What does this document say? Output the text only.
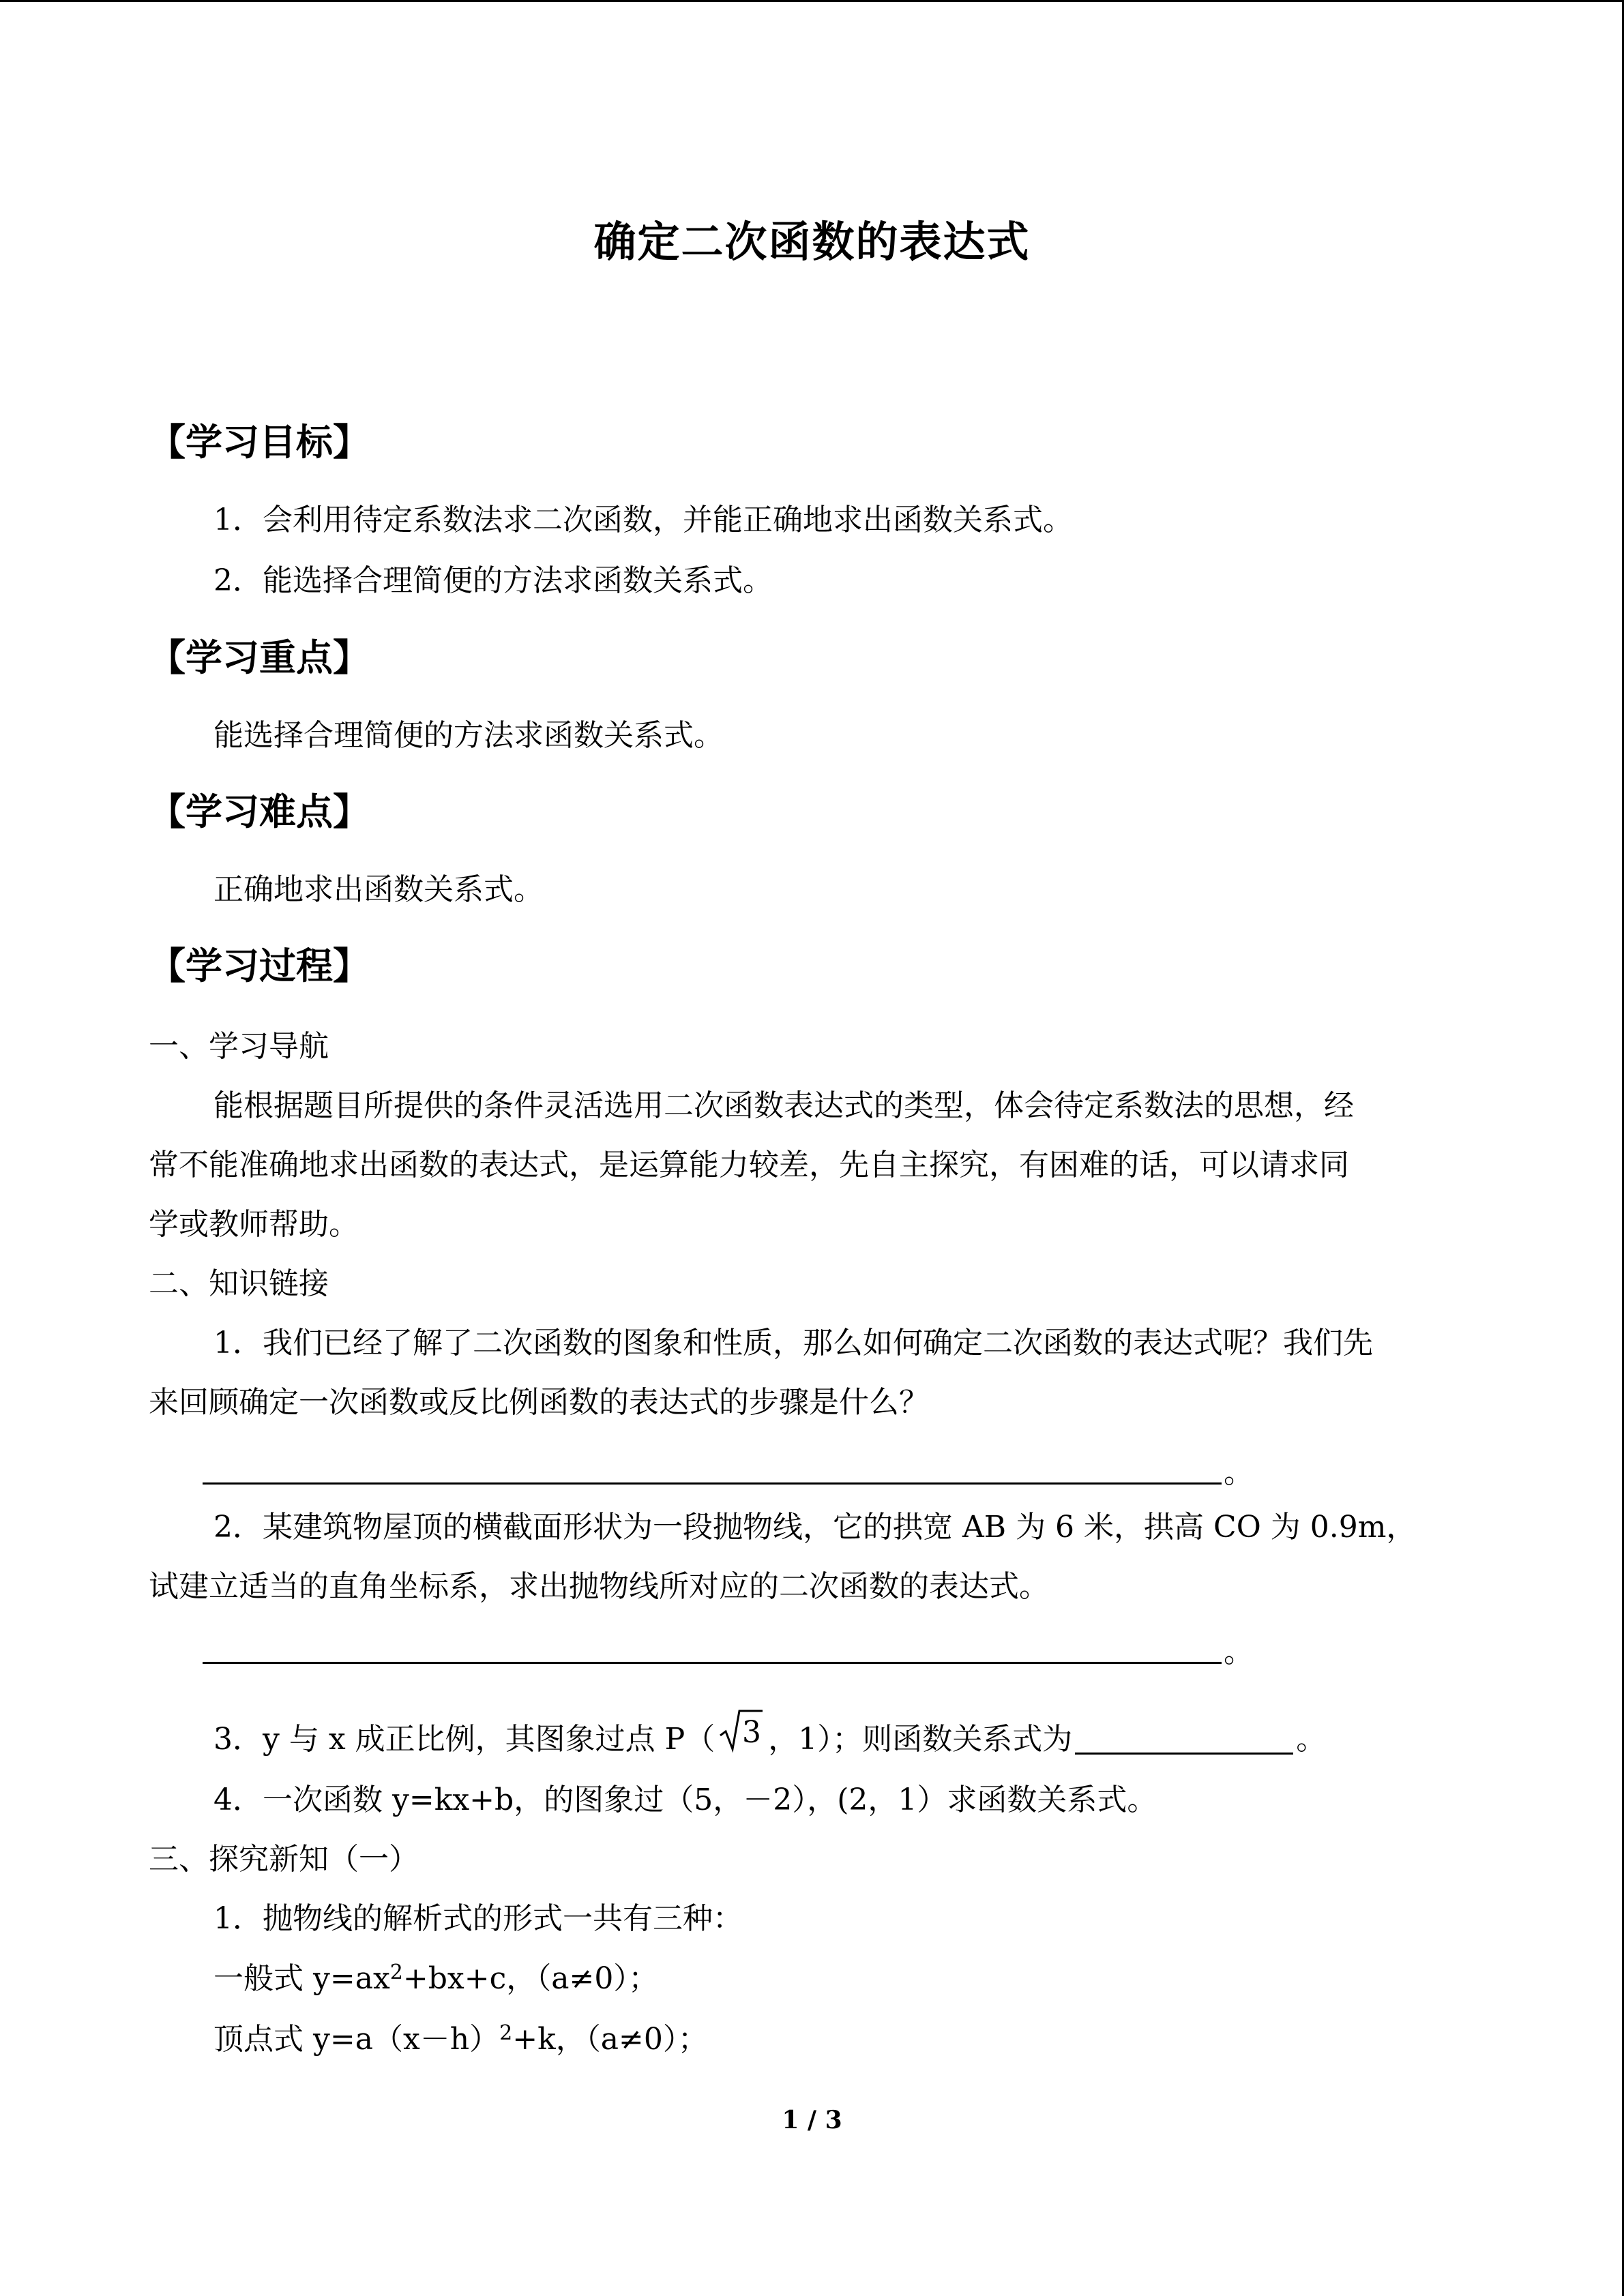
确定二次函数的表达式
【学习目标】
1．会利用待定系数法求二次函数，并能正确地求出函数关系式。
2．能选择合理简便的方法求函数关系式。
【学习重点】
能选择合理简便的方法求函数关系式。
【学习难点】
正确地求出函数关系式。
【学习过程】
一、学习导航
能根据题目所提供的条件灵活选用二次函数表达式的类型，体会待定系数法的思想，经
常不能准确地求出函数的表达式，是运算能力较差，先自主探究，有困难的话，可以请求同
学或教师帮助。
二、知识链接
1．我们已经了解了二次函数的图象和性质，那么如何确定二次函数的表达式呢？我们先
来回顾确定一次函数或反比例函数的表达式的步骤是什么？
。
2．某建筑物屋顶的横截面形状为一段抛物线，它的拱宽 AB 为 6 米，拱高 CO 为 0.9m，
试建立适当的直角坐标系，求出抛物线所对应的二次函数的表达式。
。
3．y 与 x 成正比例，其图象过点 P（ 3 ，1）；则函数关系式为	。
4．一次函数 y=kx+b，的图象过（5，－2），(2，1）求函数关系式。
三、探究新知（一）
1．抛物线的解析式的形式一共有三种：
一般式 $y=ax^2+bx+c$，（a≠0）；
顶点式 $y=a(x-h)^2+k$，（a≠0）；
1 / 3
